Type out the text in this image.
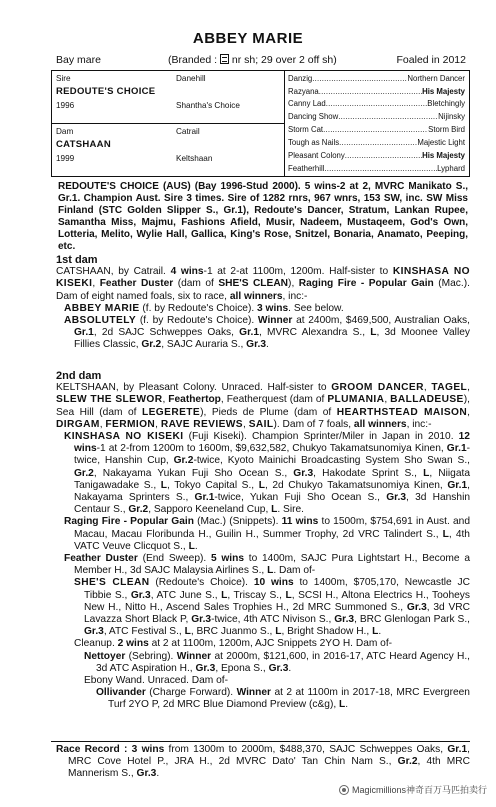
ABBEY MARIE
Bay mare	(Branded : nr sh; 29 over 2 off sh)	Foaled in 2012
Sire	Danehill
REDOUTE'S CHOICE
1996	Shantha's Choice
Dam	Catrail
CATSHAAN
1999	Keltshaan
Danzig .....	Northern Dancer
Razyana .....	His Majesty
Canny Lad .....	Bletchingly
Dancing Show .....	Nijinsky
Storm Cat .....	Storm Bird
Tough as Nails .....	Majestic Light
Pleasant Colony .....	His Majesty
Featherhill .....	Lyphard

REDOUTE'S CHOICE (AUS) (Bay 1996-Stud 2000). 5 wins-2 at 2, MVRC Manikato S., Gr.1. Champion Aust. Sire 3 times. Sire of 1282 rnrs, 967 wnrs, 153 SW, inc. SW Miss Finland (STC Golden Slipper S., Gr.1), Redoute's Dancer, Stratum, Lankan Rupee, Samantha Miss, Majmu, Fashions Afield, Musir, Nadeem, Mustaqeem, God's Own, Lotteria, Melito, Wylie Hall, Gallica, King's Rose, Snitzel, Bonaria, Anamato, Peeping, etc.

1st dam

CATSHAAN, by Catrail. 4 wins-1 at 2-at 1100m, 1200m. Half-sister to KINSHASA NO KISEKI, Feather Duster (dam of SHE'S CLEAN), Raging Fire - Popular Gain (Mac.). Dam of eight named foals, six to race, all winners, inc:-

ABBEY MARIE (f. by Redoute's Choice). 3 wins. See below.

ABSOLUTELY (f. by Redoute's Choice). Winner at 2400m, $469,500, Australian Oaks, Gr.1, 2d SAJC Schweppes Oaks, Gr.1, MVRC Alexandra S., L, 3d Moonee Valley Fillies Classic, Gr.2, SAJC Auraria S., Gr.3.

2nd dam

KELTSHAAN, by Pleasant Colony. Unraced. Half-sister to GROOM DANCER, TAGEL, SLEW THE SLEWOR, Feathertop, Featherquest (dam of PLUMANIA, BALLADEUSE), Sea Hill (dam of LEGERETE), Pieds de Plume (dam of HEARTHSTEAD MAISON, DIRGAM, FERMION, RAVE REVIEWS, SAIL). Dam of 7 foals, all winners, inc:-

KINSHASA NO KISEKI (Fuji Kiseki). Champion Sprinter/Miler in Japan in 2010. 12 wins-1 at 2-from 1200m to 1600m, $9,632,582, Chukyo Takamatsunomiya Kinen, Gr.1-twice, Hanshin Cup, Gr.2-twice, Kyoto Mainichi Broadcasting System Sho Swan S., Gr.2, Nakayama Yukan Fuji Sho Ocean S., Gr.3, Hakodate Sprint S., L, Niigata Tanigawadake S., L, Tokyo Capital S., L, 2d Chukyo Takamatsunomiya Kinen, Gr.1, Nakayama Sprinters S., Gr.1-twice, Yukan Fuji Sho Ocean S., Gr.3, 3d Hanshin Centaur S., Gr.2, Sapporo Keeneland Cup, L. Sire.

Raging Fire - Popular Gain (Mac.) (Snippets). 11 wins to 1500m, $754,691 in Aust. and Macau, Macau Floribunda H., Guilin H., Summer Trophy, 2d VRC Talindert S., L, 4th VATC Veuve Clicquot S., L.

Feather Duster (End Sweep). 5 wins to 1400m, SAJC Pura Lightstart H., Become a Member H., 3d SAJC Malaysia Airlines S., L. Dam of-

SHE'S CLEAN (Redoute's Choice). 10 wins to 1400m, $705,170, Newcastle JC Tibbie S., Gr.3, ATC June S., L, Triscay S., L, SCSI H., Altona Electrics H., Tooheys New H., Nitto H., Ascend Sales Trophies H., 2d MRC Summoned S., Gr.3, 3d VRC Lavazza Short Black P, Gr.3-twice, 4th ATC Nivison S., Gr.3, BRC Glenlogan Park S., Gr.3, ATC Festival S., L, BRC Juanmo S., L, Bright Shadow H., L.

Cleanup. 2 wins at 2 at 1100m, 1200m, AJC Snippets 2YO H. Dam of-

Nettoyer (Sebring). Winner at 2000m, $121,600, in 2016-17, ATC Heard Agency H., 3d ATC Aspiration H., Gr.3, Epona S., Gr.3.

Ebony Wand. Unraced. Dam of-

Ollivander (Charge Forward). Winner at 2 at 1100m in 2017-18, MRC Evergreen Turf 2YO P, 2d MRC Blue Diamond Preview (c&g), L.

Race Record : 3 wins from 1300m to 2000m, $488,370, SAJC Schweppes Oaks, Gr.1, MRC Cove Hotel P., JRA H., 2d MVRC Dato' Tan Chin Nam S., Gr.2, 4th MRC Mannerism S., Gr.3.

Magicmillions神奇百万马匹拍卖行
